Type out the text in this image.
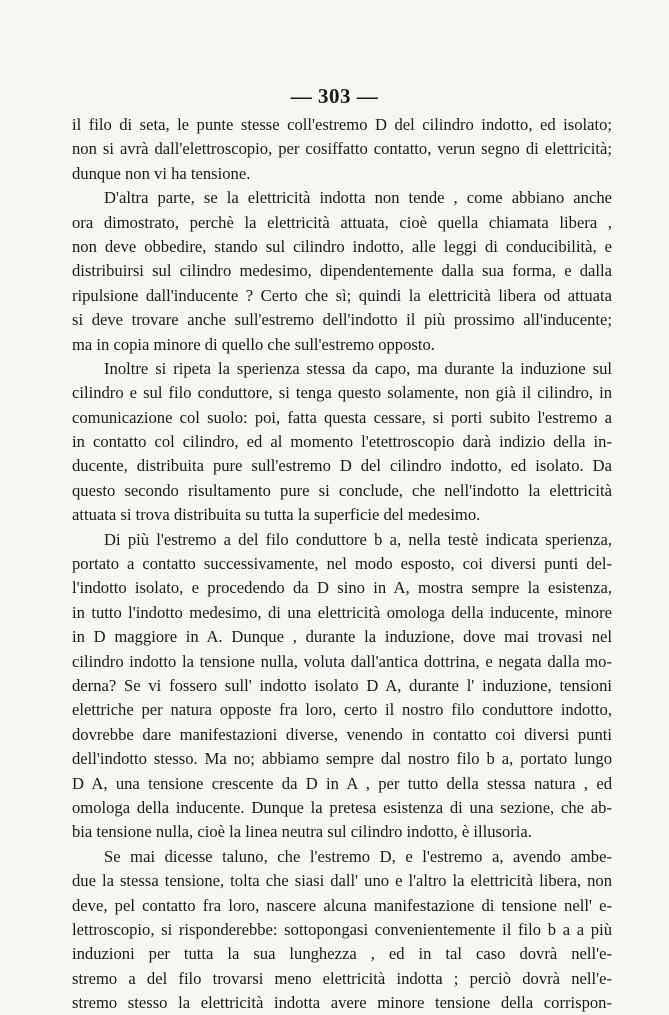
— 303 —
il filo di seta, le punte stesse coll'estremo D del cilindro indotto, ed isolato;
non si avrà dall'elettroscopio, per cosiffatto contatto, verun segno di elettricità;
dunque non vi ha tensione.
D'altra parte, se la elettricità indotta non tende , come abbiano anche
ora dimostrato, perchè la elettricità attuata, cioè quella chiamata libera ,
non deve obbedire, stando sul cilindro indotto, alle leggi di conducibilità, e
distribuirsi sul cilindro medesimo, dipendentemente dalla sua forma, e dalla
ripulsione dall'inducente ? Certo che sì; quindi la elettricità libera od attuata
si deve trovare anche sull'estremo dell'indotto il più prossimo all'inducente;
ma in copia minore di quello che sull'estremo opposto.
Inoltre si ripeta la sperienza stessa da capo, ma durante la induzione sul
cilindro e sul filo conduttore, si tenga questo solamente, non già il cilindro, in
comunicazione col suolo: poi, fatta questa cessare, si porti subito l'estremo a
in contatto col cilindro, ed al momento l'etettroscopio darà indizio della in-
ducente, distribuita pure sull'estremo D del cilindro indotto, ed isolato. Da
questo secondo risultamento pure si conclude, che nell'indotto la elettricità
attuata si trova distribuita su tutta la superficie del medesimo.
Di più l'estremo a del filo conduttore b a, nella testè indicata sperienza,
portato a contatto successivamente, nel modo esposto, coi diversi punti del-
l'indotto isolato, e procedendo da D sino in A, mostra sempre la esistenza,
in tutto l'indotto medesimo, di una elettricità omologa della inducente, minore
in D maggiore in A. Dunque , durante la induzione, dove mai trovasi nel
cilindro indotto la tensione nulla, voluta dall'antica dottrina, e negata dalla mo-
derna? Se vi fossero sull' indotto isolato D A, durante l' induzione, tensioni
elettriche per natura opposte fra loro, certo il nostro filo conduttore indotto,
dovrebbe dare manifestazioni diverse, venendo in contatto coi diversi punti
dell'indotto stesso. Ma no; abbiamo sempre dal nostro filo b a, portato lungo
D A, una tensione crescente da D in A , per tutto della stessa natura , ed
omologa della inducente. Dunque la pretesa esistenza di una sezione, che ab-
bia tensione nulla, cioè la linea neutra sul cilindro indotto, è illusoria.
Se mai dicesse taluno, che l'estremo D, e l'estremo a, avendo ambe-
due la stessa tensione, tolta che siasi dall' uno e l'altro la elettricità libera, non
deve, pel contatto fra loro, nascere alcuna manifestazione di tensione nell' e-
lettroscopio, si risponderebbe: sottopongasi convenientemente il filo b a a più
induzioni per tutta la sua lunghezza , ed in tal caso dovrà nell'e-
stremo a del filo trovarsi meno elettricità indotta ; perciò dovrà nell'e-
stremo stesso la elettricità indotta avere minore tensione della corrispon-
